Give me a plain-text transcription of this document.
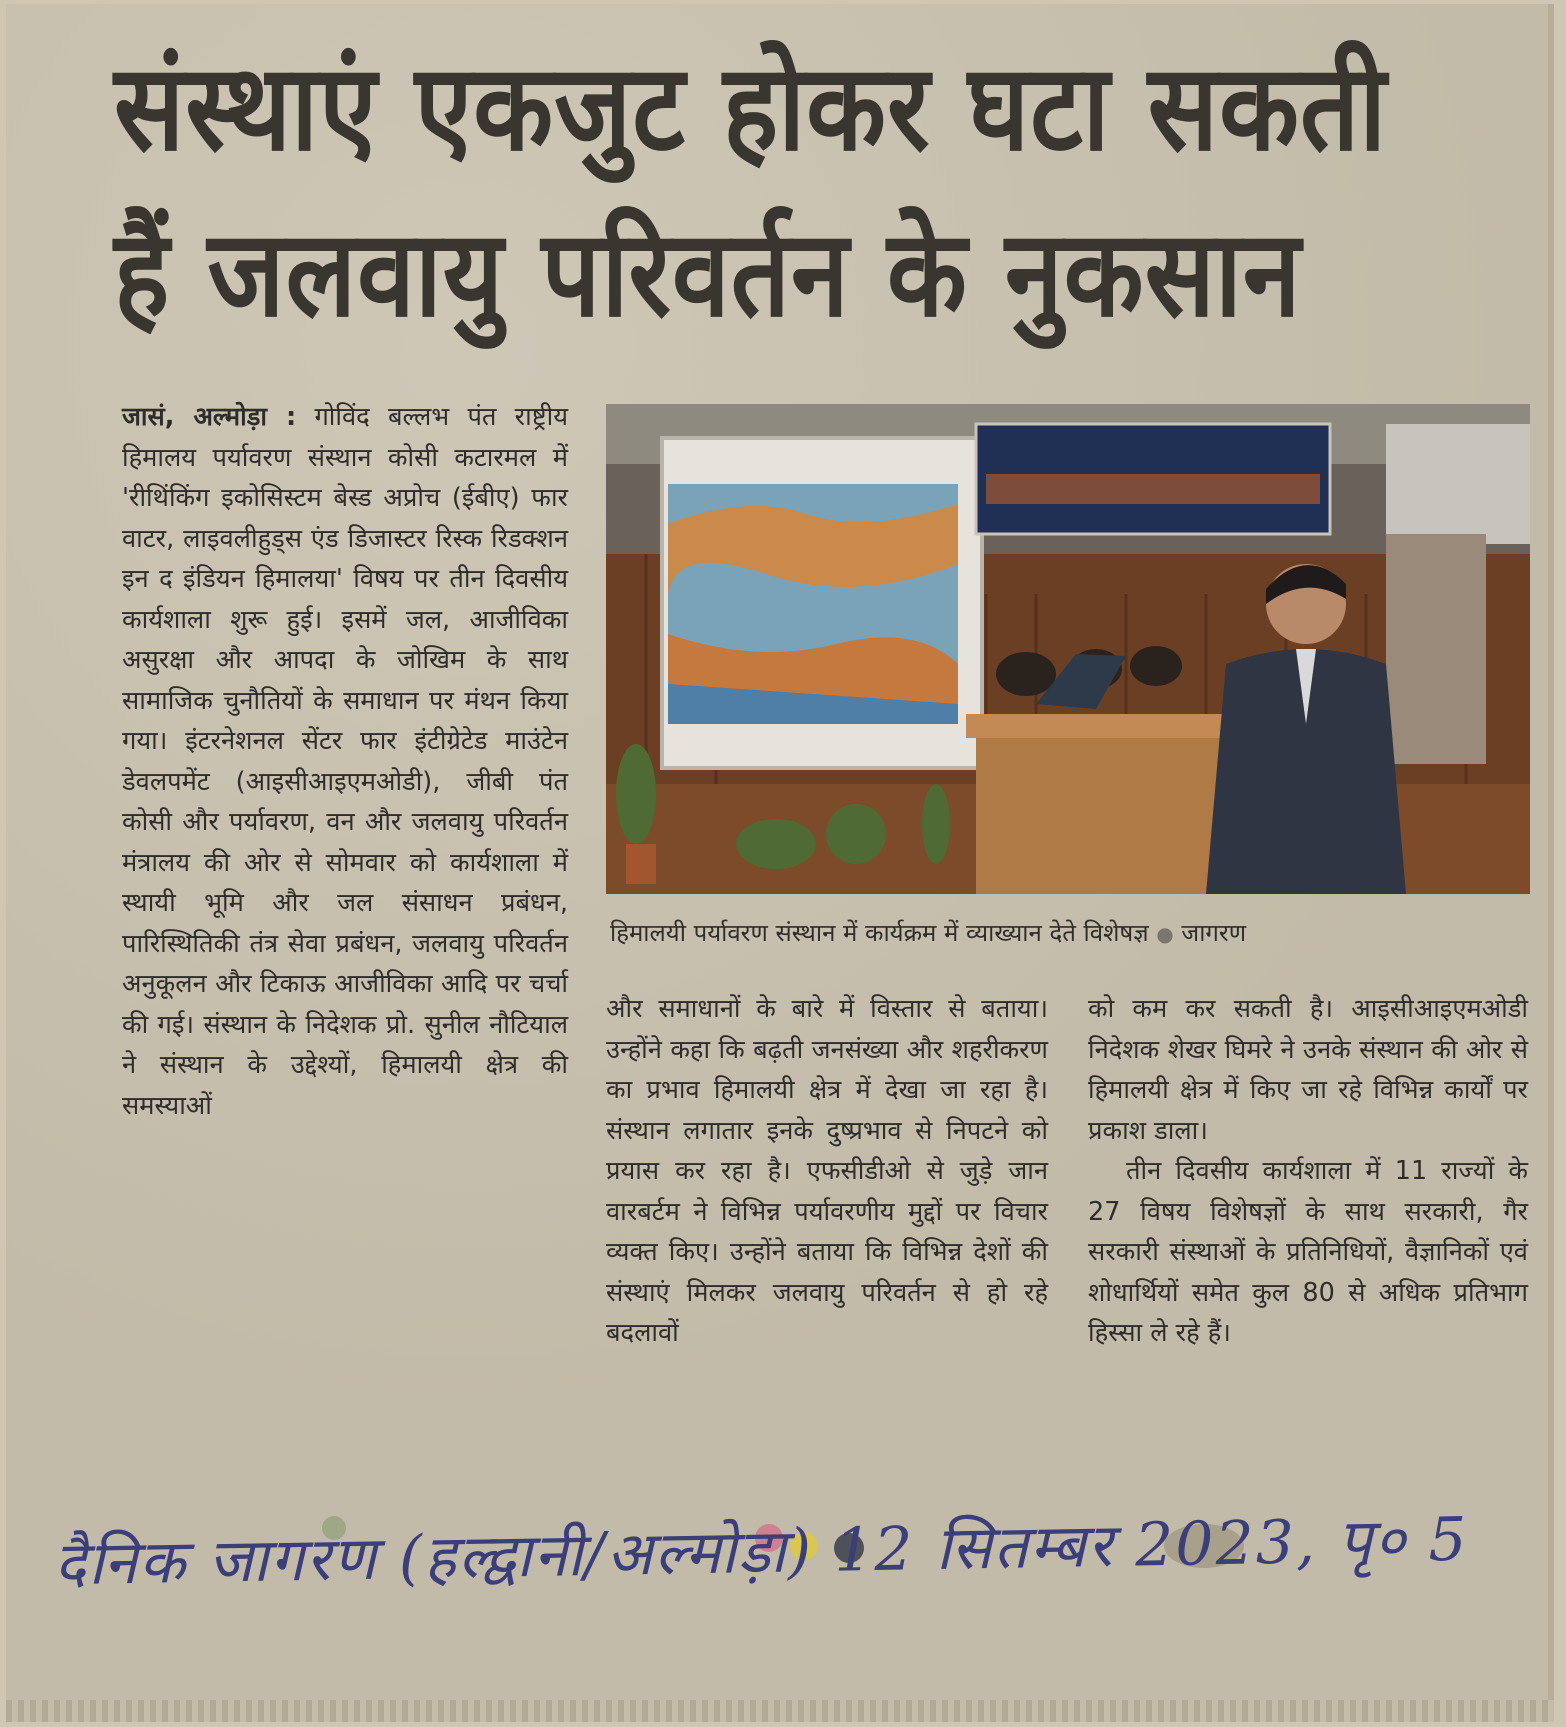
संस्थाएं एकजुट होकर घटा सकती
हैं जलवायु परिवर्तन के नुकसान

जासं, अल्मोड़ा : गोविंद बल्लभ पंत राष्ट्रीय हिमालय पर्यावरण संस्थान कोसी कटारमल में 'रीथिंकिंग इकोसिस्टम बेस्ड अप्रोच (ईबीए) फार वाटर, लाइवलीहुड्स एंड डिजास्टर रिस्क रिडक्शन इन द इंडियन हिमालया' विषय पर तीन दिवसीय कार्यशाला शुरू हुई। इसमें जल, आजीविका असुरक्षा और आपदा के जोखिम के साथ सामाजिक चुनौतियों के समाधान पर मंथन किया गया। इंटरनेशनल सेंटर फार इंटीग्रेटेड माउंटेन डेवलपमेंट (आइसीआइएमओडी), जीबी पंत कोसी और पर्यावरण, वन और जलवायु परिवर्तन मंत्रालय की ओर से सोमवार को कार्यशाला में स्थायी भूमि और जल संसाधन प्रबंधन, पारिस्थितिकी तंत्र सेवा प्रबंधन, जलवायु परिवर्तन अनुकूलन और टिकाऊ आजीविका आदि पर चर्चा की गई। संस्थान के निदेशक प्रो. सुनील नौटियाल ने संस्थान के उद्देश्यों, हिमालयी क्षेत्र की समस्याओं

हिमालयी पर्यावरण संस्थान में कार्यक्रम में व्याख्यान देते विशेषज्ञ ● जागरण

और समाधानों के बारे में विस्तार से बताया। उन्होंने कहा कि बढ़ती जनसंख्या और शहरीकरण का प्रभाव हिमालयी क्षेत्र में देखा जा रहा है। संस्थान लगातार इनके दुष्प्रभाव से निपटने को प्रयास कर रहा है। एफसीडीओ से जुड़े जान वारबर्टम ने विभिन्न पर्यावरणीय मुद्दों पर विचार व्यक्त किए। उन्होंने बताया कि विभिन्न देशों की संस्थाएं मिलकर जलवायु परिवर्तन से हो रहे बदलावों

को कम कर सकती है। आइसीआइएमओडी निदेशक शेखर घिमरे ने उनके संस्थान की ओर से हिमालयी क्षेत्र में किए जा रहे विभिन्न कार्यों पर प्रकाश डाला।

तीन दिवसीय कार्यशाला में 11 राज्यों के 27 विषय विशेषज्ञों के साथ सरकारी, गैर सरकारी संस्थाओं के प्रतिनिधियों, वैज्ञानिकों एवं शोधार्थियों समेत कुल 80 से अधिक प्रतिभाग हिस्सा ले रहे हैं।

दैनिक जागरण (हल्द्वानी/अल्मोड़ा) 12 सितम्बर 2023, पृ० 5
